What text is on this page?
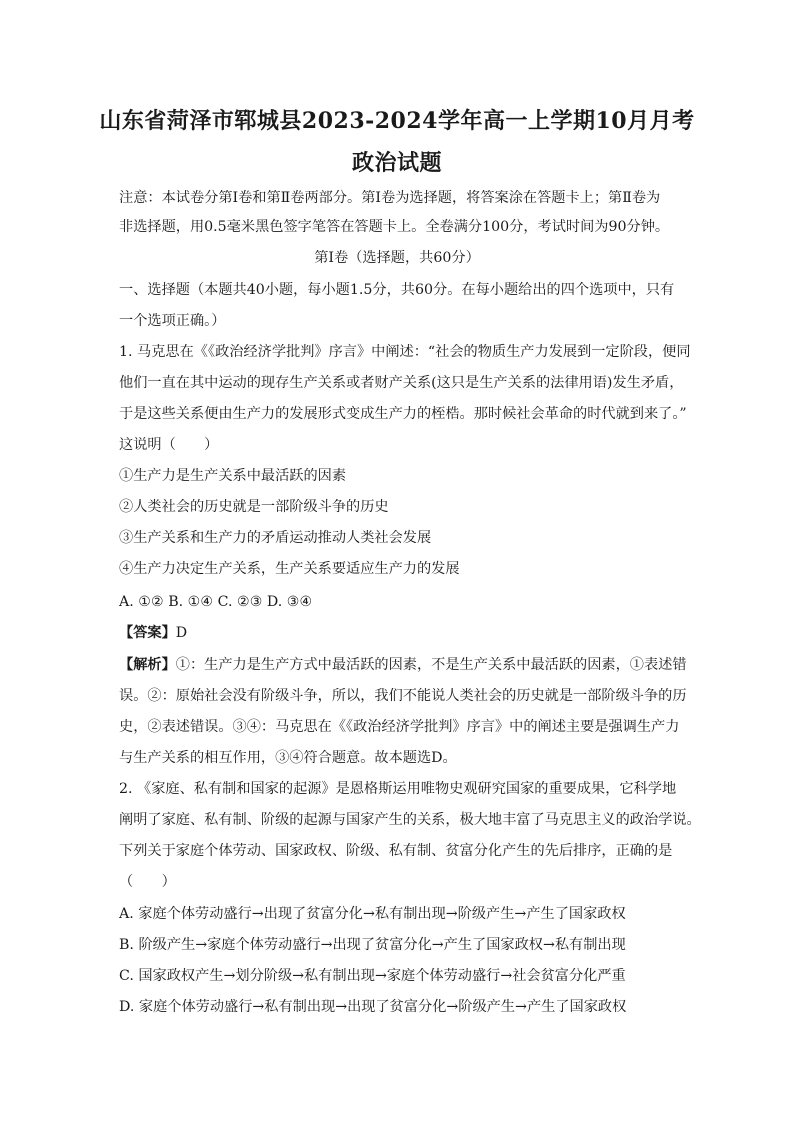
山东省菏泽市郓城县2023-2024学年高一上学期10月月考
政治试题
注意：本试卷分第Ⅰ卷和第Ⅱ卷两部分。第Ⅰ卷为选择题，将答案涂在答题卡上；第Ⅱ卷为
非选择题，用0.5毫米黑色签字笔答在答题卡上。全卷满分100分，考试时间为90分钟。
第Ⅰ卷（选择题，共60分）
一、选择题（本题共40小题，每小题1.5分，共60分。在每小题给出的四个选项中，只有
一个选项正确。）
1. 马克思在《《政治经济学批判》序言》中阐述：“社会的物质生产力发展到一定阶段，便同
他们一直在其中运动的现存生产关系或者财产关系(这只是生产关系的法律用语)发生矛盾，
于是这些关系便由生产力的发展形式变成生产力的桎梏。那时候社会革命的时代就到来了。”
这说明（　　）
①生产力是生产关系中最活跃的因素
②人类社会的历史就是一部阶级斗争的历史
③生产关系和生产力的矛盾运动推动人类社会发展
④生产力决定生产关系，生产关系要适应生产力的发展
A. ①② B. ①④ C. ②③ D. ③④
【答案】D
【解析】①：生产力是生产方式中最活跃的因素，不是生产关系中最活跃的因素，①表述错
误。②：原始社会没有阶级斗争，所以，我们不能说人类社会的历史就是一部阶级斗争的历
史，②表述错误。③④：马克思在《《政治经济学批判》序言》中的阐述主要是强调生产力
与生产关系的相互作用，③④符合题意。故本题选D。
2. 《家庭、私有制和国家的起源》是恩格斯运用唯物史观研究国家的重要成果，它科学地
阐明了家庭、私有制、阶级的起源与国家产生的关系，极大地丰富了马克思主义的政治学说。
下列关于家庭个体劳动、国家政权、阶级、私有制、贫富分化产生的先后排序，正确的是
（　　）
A. 家庭个体劳动盛行→出现了贫富分化→私有制出现→阶级产生→产生了国家政权
B. 阶级产生→家庭个体劳动盛行→出现了贫富分化→产生了国家政权→私有制出现
C. 国家政权产生→划分阶级→私有制出现→家庭个体劳动盛行→社会贫富分化严重
D. 家庭个体劳动盛行→私有制出现→出现了贫富分化→阶级产生→产生了国家政权
